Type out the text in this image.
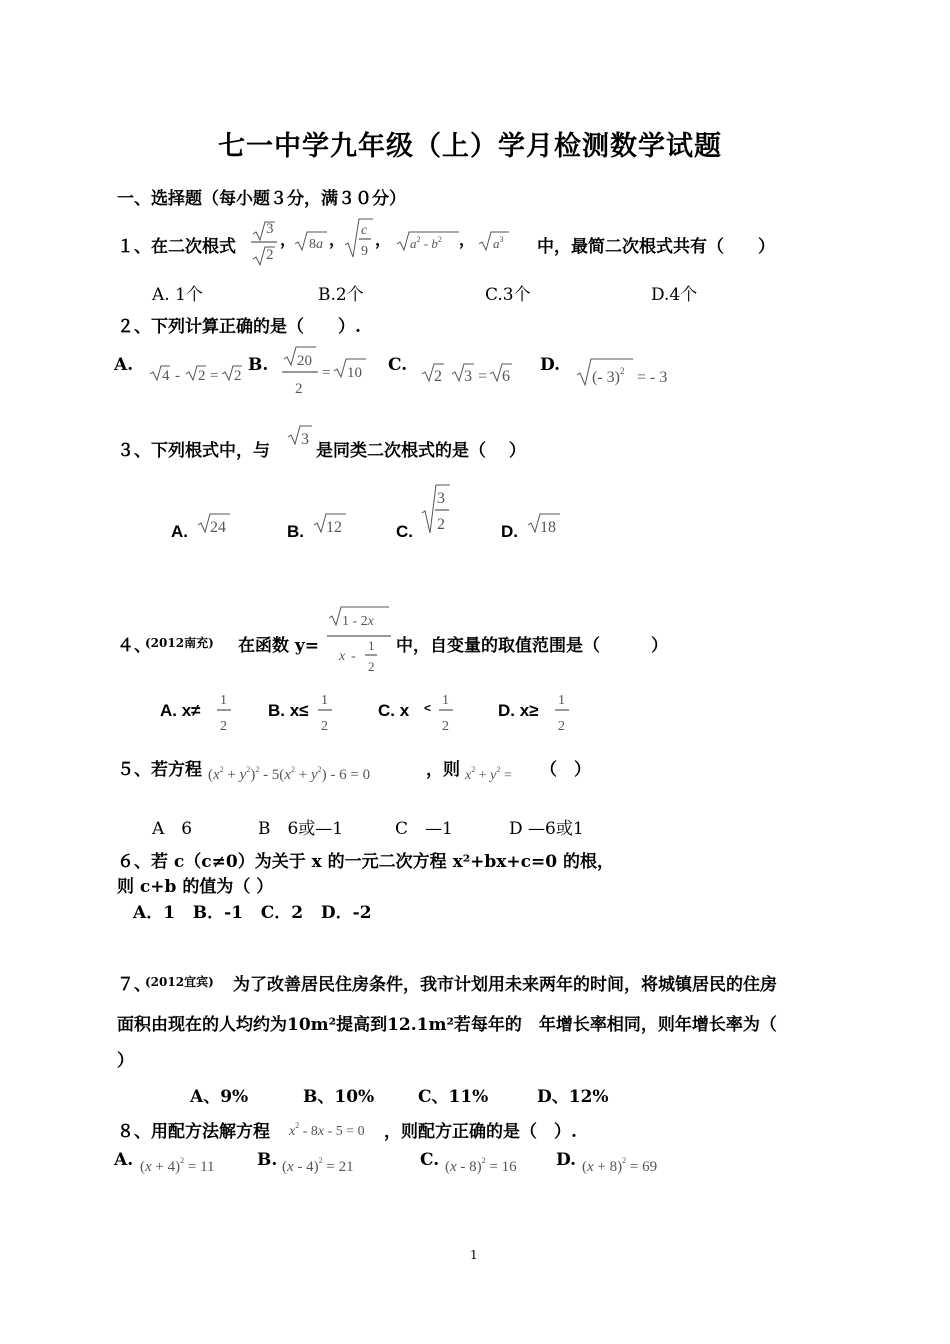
七一中学九年级（上）学月检测数学试题
一、选择题（每小题３分，满３０分）
１、在二次根式
3
2
， 8a ，
c
9
， $a^2 - b^2$ ， $a^3$ 中，最简二次根式共有（　　）
A. 1个	B.2个	C.3个	D.4个
２、下列计算正确的是（　　）.
A.
4 - 2 = 2
B. 20
2
= 10 C.
2 3 = 6
D.
(- 3)$^2$ = - 3
３、下列根式中，与
3
是同类二次根式的是（　 ）
A. 24	B. 12	C.
3
2	D. 18
４、
(2012南充) 在函数 y=
1 - 2x
x -
1
2
中，自变量的取值范围是（　　　）
A. x≠
1
2
B. x≤
1
2
C. x < 1
2
D. x≥
1
2
５、若方程 $(x^2 + y^2)^2 - 5(x^2 + y^2) - 6 = 0$	，则 $x^2 + y^2$ = （　）
A　6	B　6或—1	C　—1	D —6或1
６、若 c（c≠0）为关于 x 的一元二次方程 x²+bx+c=0 的根，
则 c+b 的值为（ ）
A．1   B．-1   C．2   D．-2
７、
(2012宜宾) 为了改善居民住房条件，我市计划用未来两年的时间，将城镇居民的住房
面积由现在的人均约为10m²提高到12.1m²若每年的　年增长率相同，则年增长率为（
）
A、9%	B、10%	C、11%	D、12%
８、用配方法解方程 $x^2 - 8x - 5 = 0$ ，则配方正确的是（　）.
A. $(x + 4)^2 = 11$ B. (x - 4)$^2$ = 21	C. (x - 8)$^2$ = 16 D. $(x + 8)^2 = 69$
1
